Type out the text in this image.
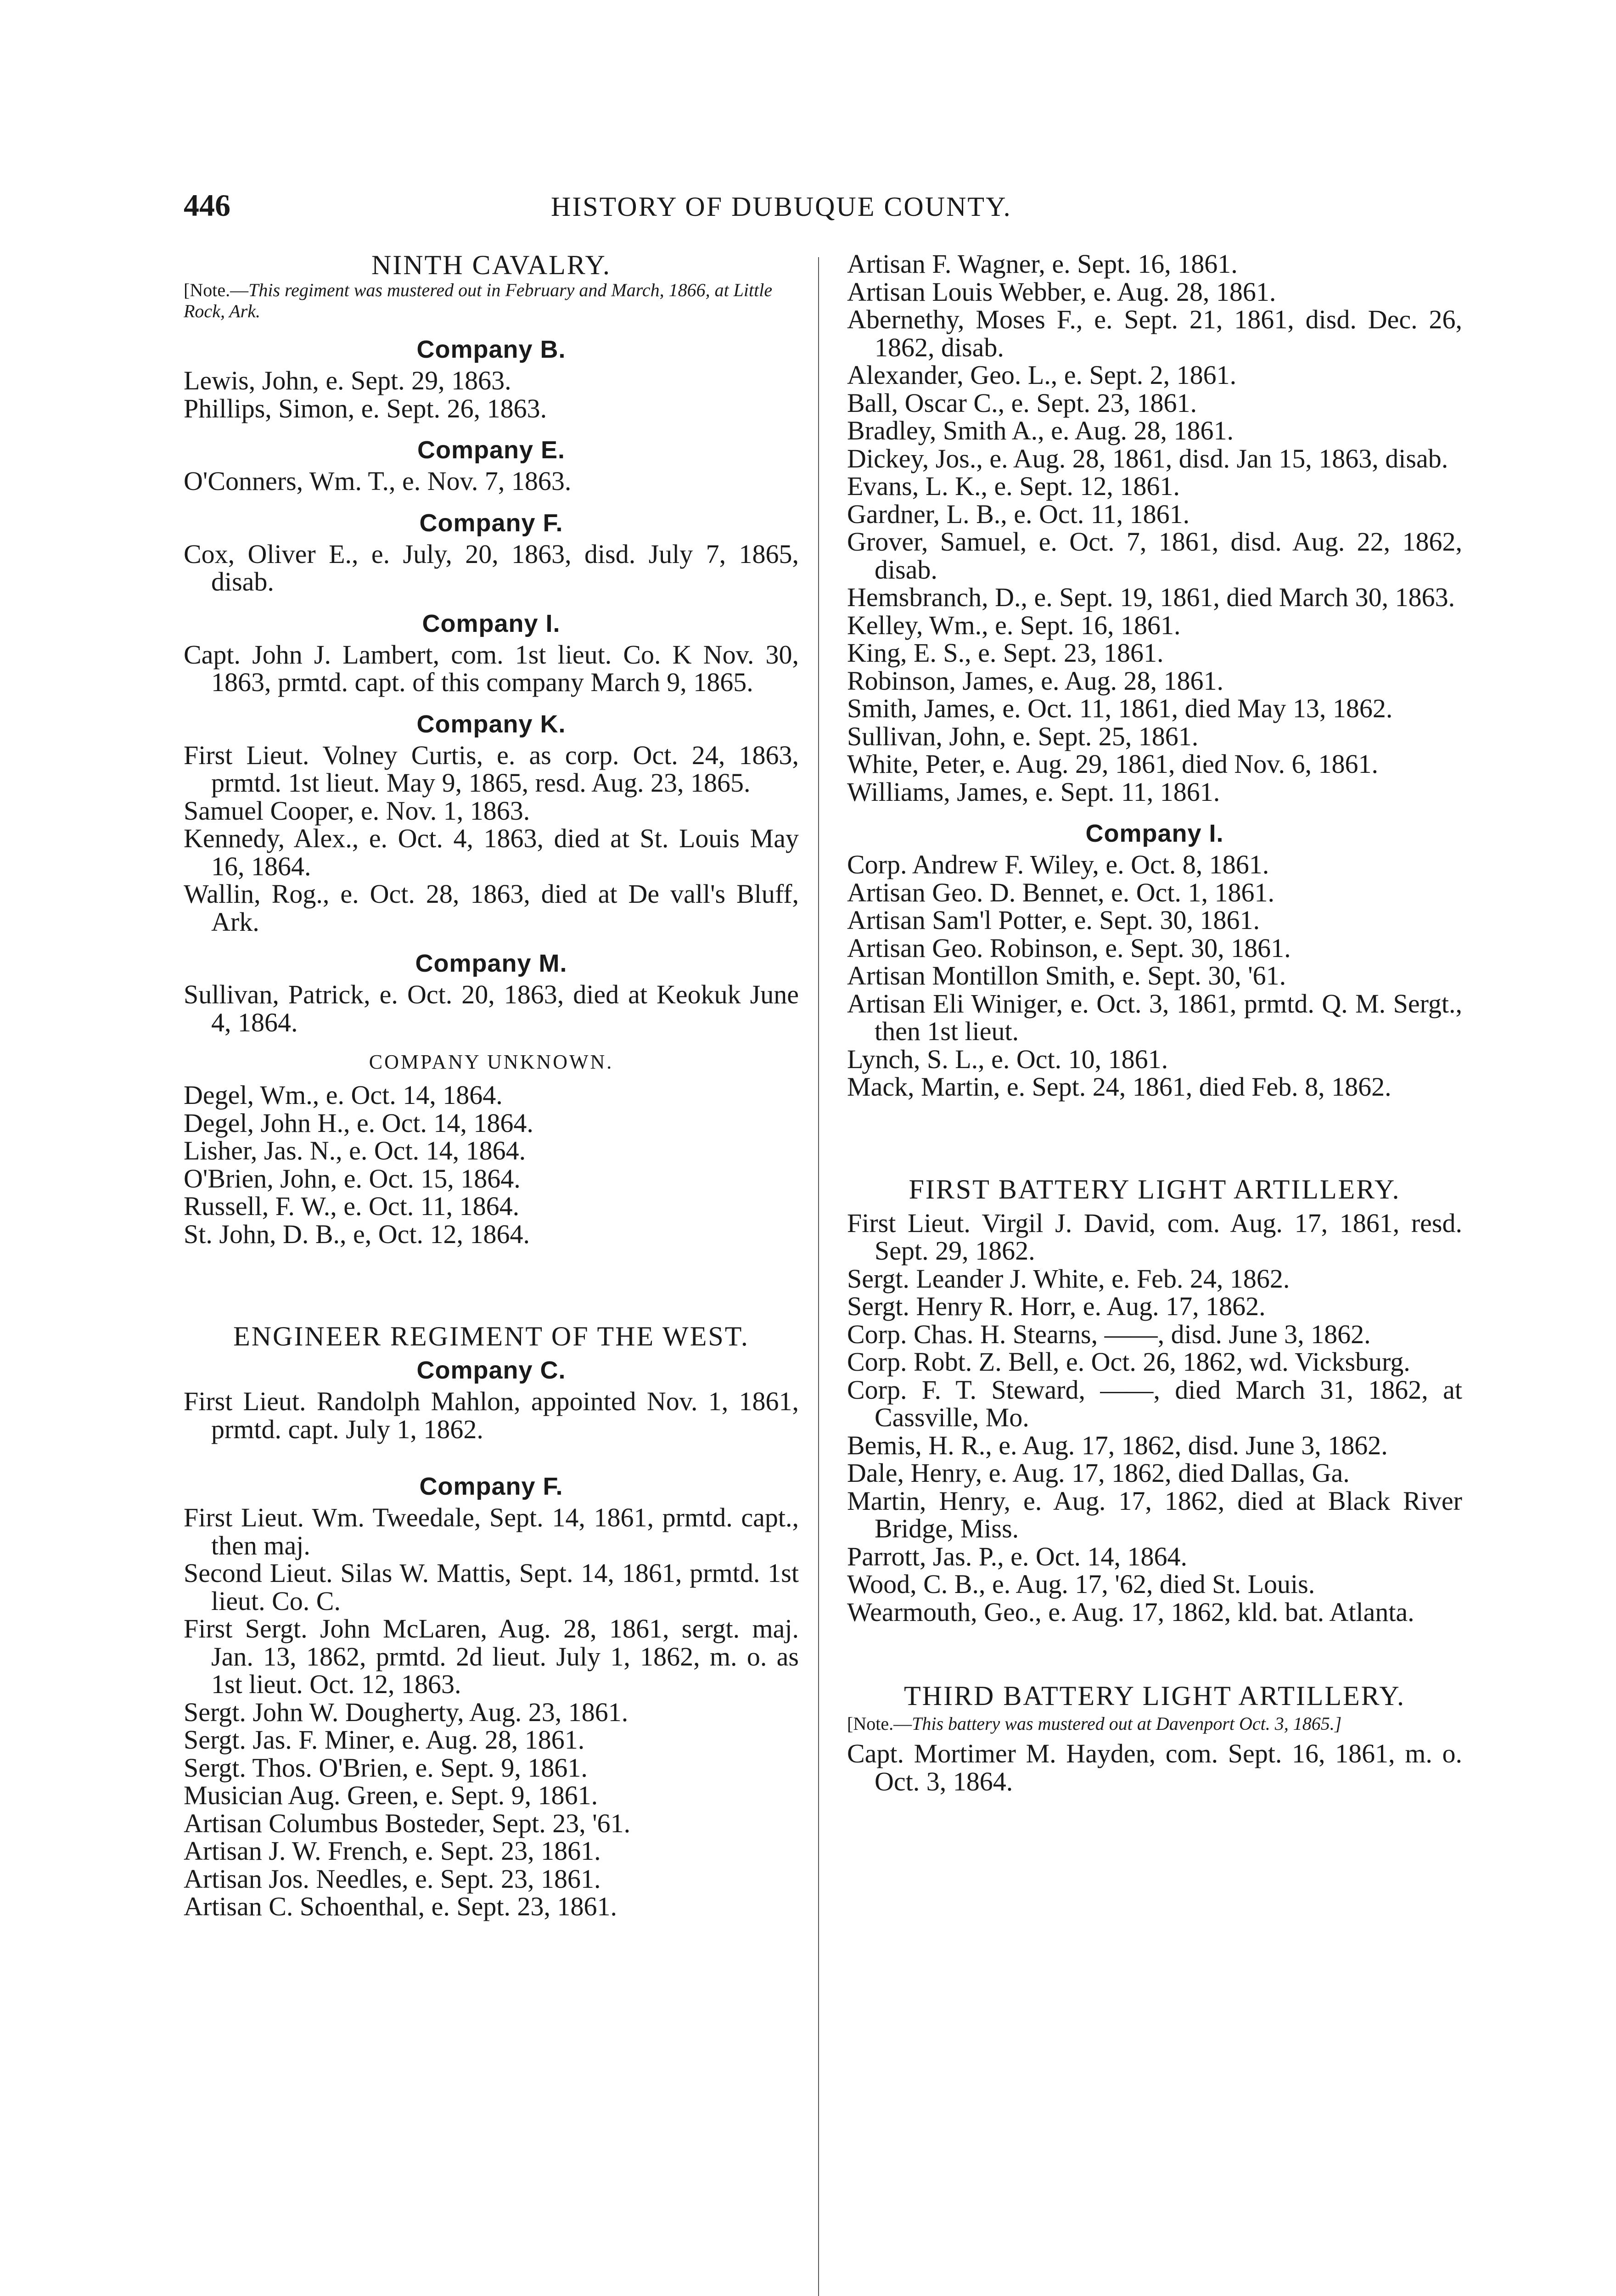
446	HISTORY OF DUBUQUE COUNTY.
NINTH CAVALRY.
[Note.—This regiment was mustered out in February and March, 1866, at Little Rock, Ark.
Company B.
Lewis, John, e. Sept. 29, 1863.
Phillips, Simon, e. Sept. 26, 1863.
Company E.
O'Conners, Wm. T., e. Nov. 7, 1863.
Company F.
Cox, Oliver E., e. July, 20, 1863, disd. July 7, 1865, disab.
Company I.
Capt. John J. Lambert, com. 1st lieut. Co. K Nov. 30, 1863, prmtd. capt. of this company March 9, 1865.
Company K.
First Lieut. Volney Curtis, e. as corp. Oct. 24, 1863, prmtd. 1st lieut. May 9, 1865, resd. Aug. 23, 1865.
Samuel Cooper, e. Nov. 1, 1863.
Kennedy, Alex., e. Oct. 4, 1863, died at St. Louis May 16, 1864.
Wallin, Rog., e. Oct. 28, 1863, died at De vall's Bluff, Ark.
Company M.
Sullivan, Patrick, e. Oct. 20, 1863, died at Keokuk June 4, 1864.
COMPANY UNKNOWN.
Degel, Wm., e. Oct. 14, 1864.
Degel, John H., e. Oct. 14, 1864.
Lisher, Jas. N., e. Oct. 14, 1864.
O'Brien, John, e. Oct. 15, 1864.
Russell, F. W., e. Oct. 11, 1864.
St. John, D. B., e, Oct. 12, 1864.
ENGINEER REGIMENT OF THE WEST.
Company C.
First Lieut. Randolph Mahlon, appointed Nov. 1, 1861, prmtd. capt. July 1, 1862.
Company F.
First Lieut. Wm. Tweedale, Sept. 14, 1861, prmtd. capt., then maj.
Second Lieut. Silas W. Mattis, Sept. 14, 1861, prmtd. 1st lieut. Co. C.
First Sergt. John McLaren, Aug. 28, 1861, sergt. maj. Jan. 13, 1862, prmtd. 2d lieut. July 1, 1862, m. o. as 1st lieut. Oct. 12, 1863.
Sergt. John W. Dougherty, Aug. 23, 1861.
Sergt. Jas. F. Miner, e. Aug. 28, 1861.
Sergt. Thos. O'Brien, e. Sept. 9, 1861.
Musician Aug. Green, e. Sept. 9, 1861.
Artisan Columbus Bosteder, Sept. 23, '61.
Artisan J. W. French, e. Sept. 23, 1861.
Artisan Jos. Needles, e. Sept. 23, 1861.
Artisan C. Schoenthal, e. Sept. 23, 1861.
Artisan F. Wagner, e. Sept. 16, 1861.
Artisan Louis Webber, e. Aug. 28, 1861.
Abernethy, Moses F., e. Sept. 21, 1861, disd. Dec. 26, 1862, disab.
Alexander, Geo. L., e. Sept. 2, 1861.
Ball, Oscar C., e. Sept. 23, 1861.
Bradley, Smith A., e. Aug. 28, 1861.
Dickey, Jos., e. Aug. 28, 1861, disd. Jan 15, 1863, disab.
Evans, L. K., e. Sept. 12, 1861.
Gardner, L. B., e. Oct. 11, 1861.
Grover, Samuel, e. Oct. 7, 1861, disd. Aug. 22, 1862, disab.
Hemsbranch, D., e. Sept. 19, 1861, died March 30, 1863.
Kelley, Wm., e. Sept. 16, 1861.
King, E. S., e. Sept. 23, 1861.
Robinson, James, e. Aug. 28, 1861.
Smith, James, e. Oct. 11, 1861, died May 13, 1862.
Sullivan, John, e. Sept. 25, 1861.
White, Peter, e. Aug. 29, 1861, died Nov. 6, 1861.
Williams, James, e. Sept. 11, 1861.
Company I.
Corp. Andrew F. Wiley, e. Oct. 8, 1861.
Artisan Geo. D. Bennet, e. Oct. 1, 1861.
Artisan Sam'l Potter, e. Sept. 30, 1861.
Artisan Geo. Robinson, e. Sept. 30, 1861.
Artisan Montillon Smith, e. Sept. 30, '61.
Artisan Eli Winiger, e. Oct. 3, 1861, prmtd. Q. M. Sergt., then 1st lieut.
Lynch, S. L., e. Oct. 10, 1861.
Mack, Martin, e. Sept. 24, 1861, died Feb. 8, 1862.
FIRST BATTERY LIGHT ARTILLERY.
First Lieut. Virgil J. David, com. Aug. 17, 1861, resd. Sept. 29, 1862.
Sergt. Leander J. White, e. Feb. 24, 1862.
Sergt. Henry R. Horr, e. Aug. 17, 1862.
Corp. Chas. H. Stearns, ——, disd. June 3, 1862.
Corp. Robt. Z. Bell, e. Oct. 26, 1862, wd. Vicksburg.
Corp. F. T. Steward, ——, died March 31, 1862, at Cassville, Mo.
Bemis, H. R., e. Aug. 17, 1862, disd. June 3, 1862.
Dale, Henry, e. Aug. 17, 1862, died Dallas, Ga.
Martin, Henry, e. Aug. 17, 1862, died at Black River Bridge, Miss.
Parrott, Jas. P., e. Oct. 14, 1864.
Wood, C. B., e. Aug. 17, '62, died St. Louis.
Wearmouth, Geo., e. Aug. 17, 1862, kld. bat. Atlanta.
THIRD BATTERY LIGHT ARTILLERY.
[Note.—This battery was mustered out at Davenport Oct. 3, 1865.]
Capt. Mortimer M. Hayden, com. Sept. 16, 1861, m. o. Oct. 3, 1864.
